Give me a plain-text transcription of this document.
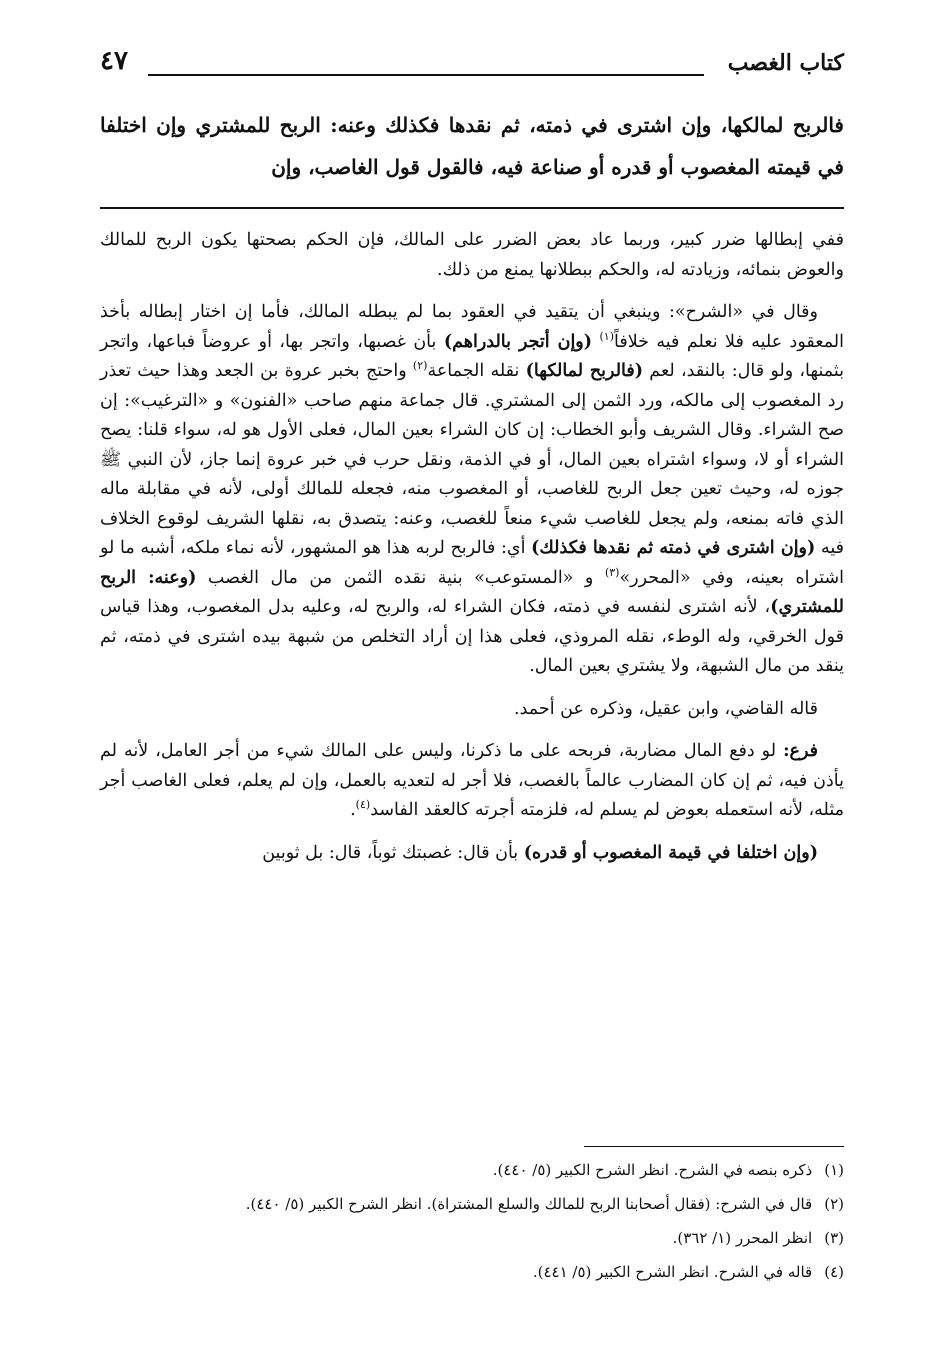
كتاب الغصب
٤٧
فالربح لمالكها، وإن اشترى في ذمته، ثم نقدها فكذلك وعنه: الربح للمشتري وإن اختلفا في قيمته المغصوب أو قدره أو صناعة فيه، فالقول قول الغاصب، وإن

ففي إبطالها ضرر كبير، وربما عاد بعض الضرر على المالك، فإن الحكم بصحتها يكون الربح للمالك والعوض بنمائه، وزيادته له، والحكم ببطلانها يمنع من ذلك.

وقال في «الشرح»: وينبغي أن يتقيد في العقود بما لم يبطله المالك، فأما إن اختار إبطاله بأخذ المعقود عليه فلا نعلم فيه خلافاً$^{(١)}$ (وإن أتجر بالدراهم) بأن غصبها، واتجر بها، أو عروضاً فباعها، واتجر بثمنها، ولو قال: بالنقد، لعم (فالربح لمالكها) نقله الجماعة$^{(٢)}$ واحتج بخبر عروة بن الجعد وهذا حيث تعذر رد المغصوب إلى مالكه، ورد الثمن إلى المشتري. قال جماعة منهم صاحب «الفنون» و «الترغيب»: إن صح الشراء. وقال الشريف وأبو الخطاب: إن كان الشراء بعين المال، فعلى الأول هو له، سواء قلنا: يصح الشراء أو لا، وسواء اشتراه بعين المال، أو في الذمة، ونقل حرب في خبر عروة إنما جاز، لأن النبي ﷺ جوزه له، وحيث تعين جعل الربح للغاصب، أو المغصوب منه، فجعله للمالك أولى، لأنه في مقابلة ماله الذي فاته بمنعه، ولم يجعل للغاصب شيء منعاً للغصب، وعنه: يتصدق به، نقلها الشريف لوقوع الخلاف فيه (وإن اشترى في ذمته ثم نقدها فكذلك) أي: فالربح لربه هذا هو المشهور، لأنه نماء ملكه، أشبه ما لو اشتراه بعينه، وفي «المحرر»$^{(٣)}$ و «المستوعب» بنية نقده الثمن من مال الغصب (وعنه: الربح للمشتري)، لأنه اشترى لنفسه في ذمته، فكان الشراء له، والربح له، وعليه بدل المغصوب، وهذا قياس قول الخرقي، وله الوطء، نقله المروذي، فعلى هذا إن أراد التخلص من شبهة بيده اشترى في ذمته، ثم ينقد من مال الشبهة، ولا يشتري بعين المال.

قاله القاضي، وابن عقيل، وذكره عن أحمد.

فرع: لو دفع المال مضاربة، فربحه على ما ذكرنا، وليس على المالك شيء من أجر العامل، لأنه لم يأذن فيه، ثم إن كان المضارب عالماً بالغصب، فلا أجر له لتعديه بالعمل، وإن لم يعلم، فعلى الغاصب أجر مثله، لأنه استعمله بعوض لم يسلم له، فلزمته أجرته كالعقد الفاسد$^{(٤)}$.

(وإن اختلفا في قيمة المغصوب أو قدره) بأن قال: غصبتك ثوباً، قال: بل ثوبين

(١)ذكره بنصه في الشرح. انظر الشرح الكبير (٥/ ٤٤٠).
(٢)قال في الشرح: (فقال أصحابنا الربح للمالك والسلع المشتراة). انظر الشرح الكبير (٥/ ٤٤٠).
(٣)انظر المحرر (١/ ٣٦٢).
(٤)قاله في الشرح. انظر الشرح الكبير (٥/ ٤٤١).
